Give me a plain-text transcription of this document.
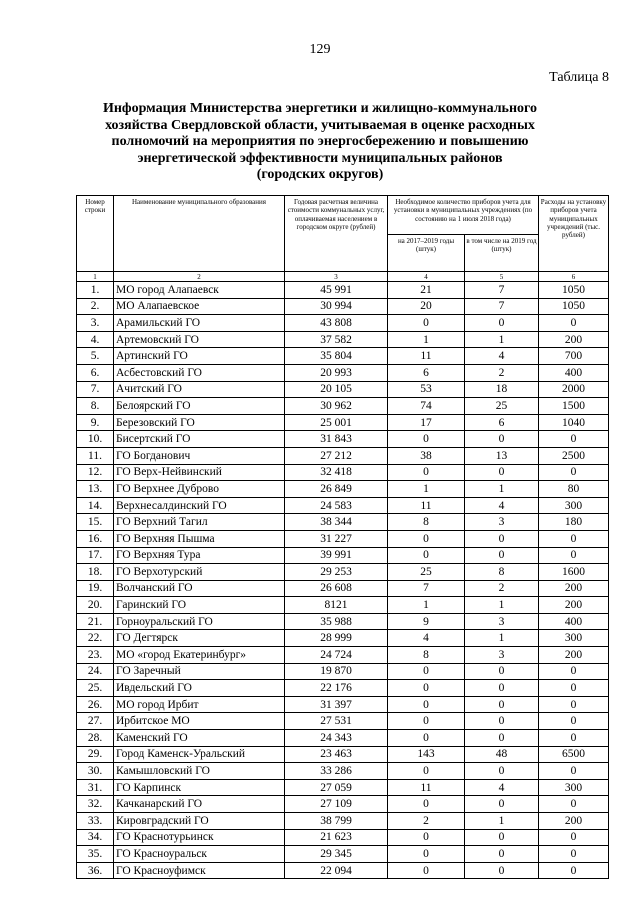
129
Таблица 8
Информация Министерства энергетики и жилищно-коммунального
хозяйства Свердловской области, учитываемая в оценке расходных
полномочий на мероприятия по энергосбережению и повышению
энергетической эффективности муниципальных районов
(городских округов)
Номер строки	Наименование муниципального образования	Годовая расчетная величина стоимости коммунальных услуг, оплачиваемая населением в городском округе (рублей)	Необходимое количество приборов учета для установки в муниципальных учреждениях (по состоянию на 1 июля 2018 года)		Расходы на установку приборов учета муниципальных учреждений (тыс. рублей)
			на 2017–2019 годы (штук)	в том числе на 2019 год (штук)	
1	2	3	4	5	6
1.	МО город Алапаевск	45 991	21	7	1050
2.	МО Алапаевское	30 994	20	7	1050
3.	Арамильский ГО	43 808	0	0	0
4.	Артемовский ГО	37 582	1	1	200
5.	Артинский ГО	35 804	11	4	700
6.	Асбестовский ГО	20 993	6	2	400
7.	Ачитский ГО	20 105	53	18	2000
8.	Белоярский ГО	30 962	74	25	1500
9.	Березовский ГО	25 001	17	6	1040
10.	Бисертский ГО	31 843	0	0	0
11.	ГО Богданович	27 212	38	13	2500
12.	ГО Верх-Нейвинский	32 418	0	0	0
13.	ГО Верхнее Дуброво	26 849	1	1	80
14.	Верхнесалдинский ГО	24 583	11	4	300
15.	ГО Верхний Тагил	38 344	8	3	180
16.	ГО Верхняя Пышма	31 227	0	0	0
17.	ГО Верхняя Тура	39 991	0	0	0
18.	ГО Верхотурский	29 253	25	8	1600
19.	Волчанский ГО	26 608	7	2	200
20.	Гаринский ГО	8121	1	1	200
21.	Горноуральский ГО	35 988	9	3	400
22.	ГО Дегтярск	28 999	4	1	300
23.	МО «город Екатеринбург»	24 724	8	3	200
24.	ГО Заречный	19 870	0	0	0
25.	Ивдельский ГО	22 176	0	0	0
26.	МО город Ирбит	31 397	0	0	0
27.	Ирбитское МО	27 531	0	0	0
28.	Каменский ГО	24 343	0	0	0
29.	Город Каменск-Уральский	23 463	143	48	6500
30.	Камышловский ГО	33 286	0	0	0
31.	ГО Карпинск	27 059	11	4	300
32.	Качканарский ГО	27 109	0	0	0
33.	Кировградский ГО	38 799	2	1	200
34.	ГО Краснотурьинск	21 623	0	0	0
35.	ГО Красноуральск	29 345	0	0	0
36.	ГО Красноуфимск	22 094	0	0	0
